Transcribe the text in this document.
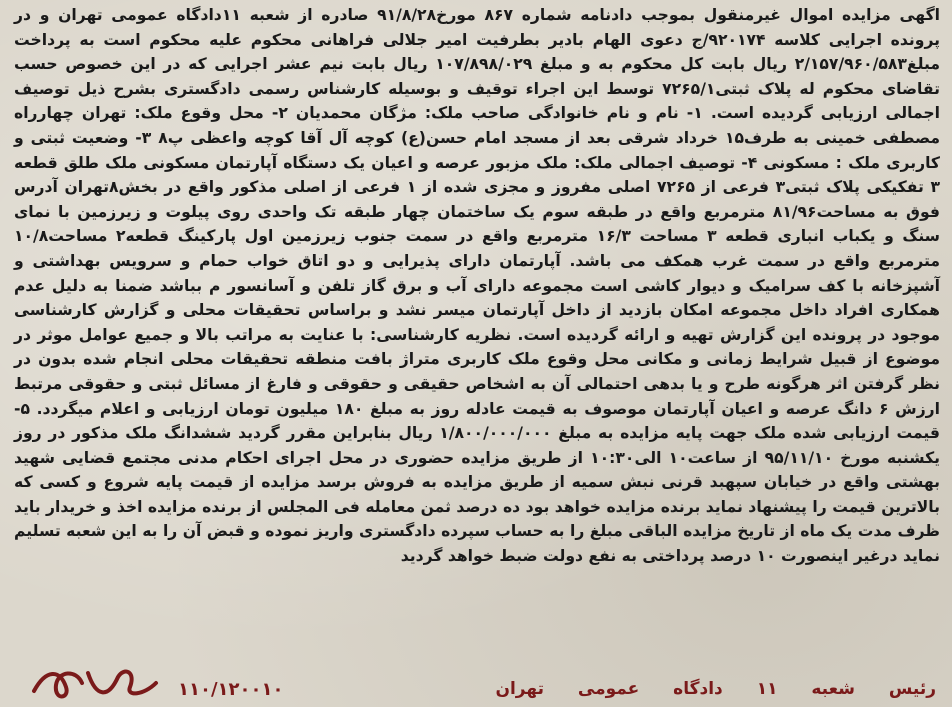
اگهی مزایده اموال غیرمنقول بموجب دادنامه شماره ۸۶۷ مورخ۹۱/۸/۲۸ صادره از شعبه ۱۱دادگاه عمومی تهران و در پرونده اجرایی کلاسه ۹۲۰۱۷۴/ج دعوی الهام بادیر بطرفیت امیر جلالی فراهانی محکوم علیه محکوم است به پرداخت مبلغ۲/۱۵۷/۹۶۰/۵۸۳ ریال بابت کل محکوم به و مبلغ ۱۰۷/۸۹۸/۰۲۹ ریال بابت نیم عشر اجرایی که در این خصوص حسب تقاضای محکوم له پلاک ثبتی۷۲۶۵/۱ توسط این اجراء توقیف و بوسیله کارشناس رسمی دادگستری بشرح ذیل توصیف اجمالی ارزیابی گردیده است. ۱- نام و نام خانوادگی صاحب ملک: مژگان محمدیان ۲- محل وقوع ملک: تهران چهارراه مصطفی خمینی به طرف۱۵ خرداد شرقی بعد از مسجد امام حسن(ع) کوچه آل آقا کوچه واعظی پ۸ ۳- وضعیت ثبتی و کاربری ملک : مسکونی ۴- توصیف اجمالی ملک: ملک مزبور عرصه و اعیان یک دستگاه آپارتمان مسکونی ملک طلق قطعه ۳ تفکیکی پلاک ثبتی۳ فرعی از ۷۲۶۵ اصلی مفروز و مجزی شده از ۱ فرعی از اصلی مذکور واقع در بخش۸تهران آدرس فوق به مساحت۸۱/۹۶ مترمربع واقع در طبقه سوم یک ساختمان چهار طبقه تک واحدی روی پیلوت و زیرزمین با نمای سنگ و یکباب انباری قطعه ۳ مساحت ۱۶/۳ مترمربع واقع در سمت جنوب زیرزمین اول پارکینگ قطعه۲ مساحت۱۰/۸ مترمربع واقع در سمت غرب همکف می باشد. آپارتمان دارای پذیرایی و دو اتاق خواب حمام و سرویس بهداشتی و آشپزخانه با کف سرامیک و دیوار کاشی است مجموعه دارای آب و برق گاز تلفن و آسانسور م بباشد ضمنا به دلیل عدم همکاری افراد داخل مجموعه امکان بازدید از داخل آپارتمان میسر نشد و براساس تحقیقات محلی و گزارش کارشناسی موجود در پرونده این گزارش تهیه و ارائه گردیده است. نظریه کارشناسی: با عنایت به مراتب بالا و جمیع عوامل موثر در موضوع از قبیل شرایط زمانی و مکانی محل وقوع ملک کاربری متراژ بافت منطقه تحقیقات محلی انجام شده بدون در نظر گرفتن اثر هرگونه طرح و یا بدهی احتمالی آن به اشخاص حقیقی و حقوقی و فارغ از مسائل ثبتی و حقوقی مرتبط ارزش ۶ دانگ عرصه و اعیان آپارتمان موصوف به قیمت عادله روز به مبلغ ۱۸۰ میلیون تومان ارزیابی و اعلام میگردد. ۵- قیمت ارزیابی شده ملک جهت پایه مزایده به مبلغ ۱/۸۰۰/۰۰۰/۰۰۰ ریال بنابراین مقرر گردید ششدانگ ملک مذکور در روز یکشنبه مورخ ۹۵/۱۱/۱۰ از ساعت۱۰ الی۱۰:۳۰ از طریق مزایده حضوری در محل اجرای احکام مدنی مجتمع قضایی شهید بهشتی واقع در خیابان سپهبد قرنی نبش سمیه از طریق مزایده به فروش برسد مزایده از قیمت پایه شروع و کسی که بالاترین قیمت را پیشنهاد نماید برنده مزایده خواهد بود ده درصد ثمن معامله فی المجلس از برنده مزایده اخذ و خریدار باید ظرف مدت یک ماه از تاریخ مزایده الباقی مبلغ را به حساب سپرده دادگستری واریز نموده و قبض آن را به این شعبه تسلیم نماید درغیر اینصورت ۱۰ درصد پرداختی به نفع دولت ضبط خواهد گردید

رئیس شعبه ۱۱ دادگاه عمومی تهران
۱۱۰/۱۲۰۰۱۰
